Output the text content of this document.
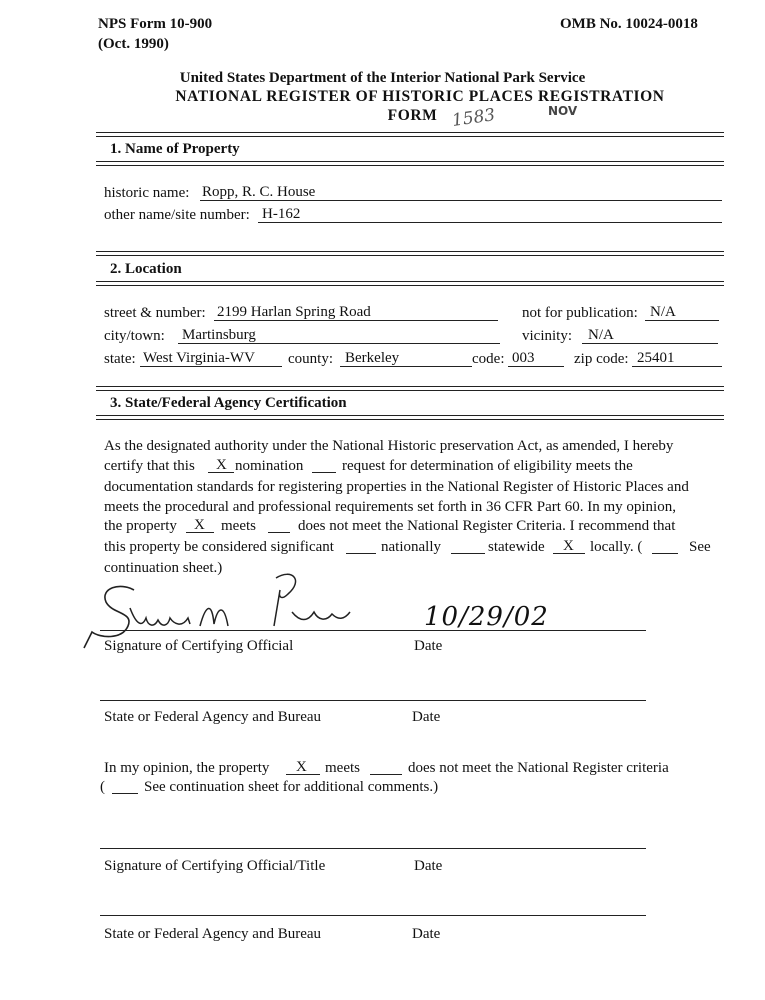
NPS Form 10-900
(Oct. 1990)
OMB No. 10024-0018
United States Department of the Interior National Park Service
NATIONAL REGISTER OF HISTORIC PLACES REGISTRATION
FORM 1583	NOV
1. Name of Property
historic name: Ropp, R. C. House
other name/site number: H-162
2. Location
street & number: 2199 Harlan Spring Road	not for publication: N/A
city/town: Martinsburg	vicinity: N/A
state: West Virginia-WV county: Berkeley	code: 003	zip code: 25401
3. State/Federal Agency Certification
As the designated authority under the National Historic preservation Act, as amended, I hereby
certify that this X nomination	request for determination of eligibility meets the
documentation standards for registering properties in the National Register of Historic Places and
meets the procedural and professional requirements set forth in 36 CFR Part 60. In my opinion,
the property X meets	does not meet the National Register Criteria. I recommend that
this property be considered significant	nationally	statewide X locally. (	See
continuation sheet.)
10/29/02
Signature of Certifying Official	Date
State or Federal Agency and Bureau	Date
In my opinion, the property X meets	does not meet the National Register criteria
(	See continuation sheet for additional comments.)
Signature of Certifying Official/Title	Date
State or Federal Agency and Bureau	Date
